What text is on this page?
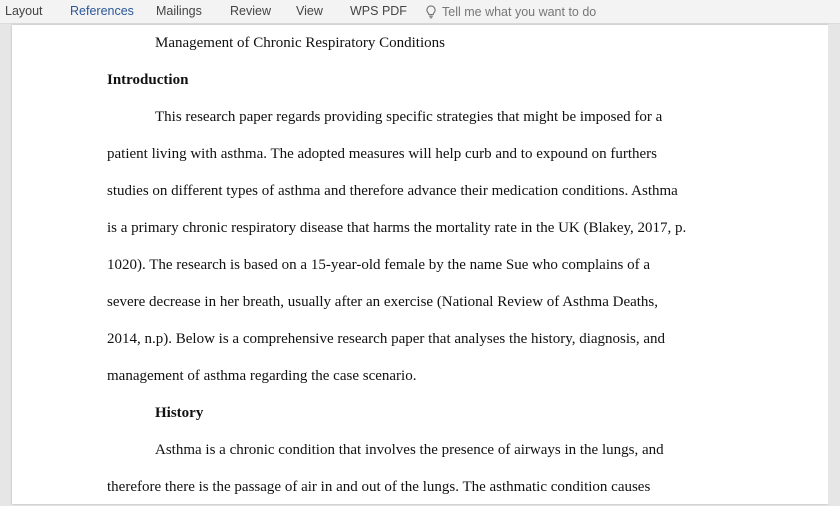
Layout References Mailings Review View WPS PDF	Tell me what you want to do

Management of Chronic Respiratory Conditions

Introduction

This research paper regards providing specific strategies that might be imposed for a

patient living with asthma. The adopted measures will help curb and to expound on furthers

studies on different types of asthma and therefore advance their medication conditions. Asthma

is a primary chronic respiratory disease that harms the mortality rate in the UK (Blakey, 2017, p.

1020). The research is based on a 15-year-old female by the name Sue who complains of a

severe decrease in her breath, usually after an exercise (National Review of Asthma Deaths,

2014, n.p). Below is a comprehensive research paper that analyses the history, diagnosis, and

management of asthma regarding the case scenario.

History

Asthma is a chronic condition that involves the presence of airways in the lungs, and

therefore there is the passage of air in and out of the lungs. The asthmatic condition causes
